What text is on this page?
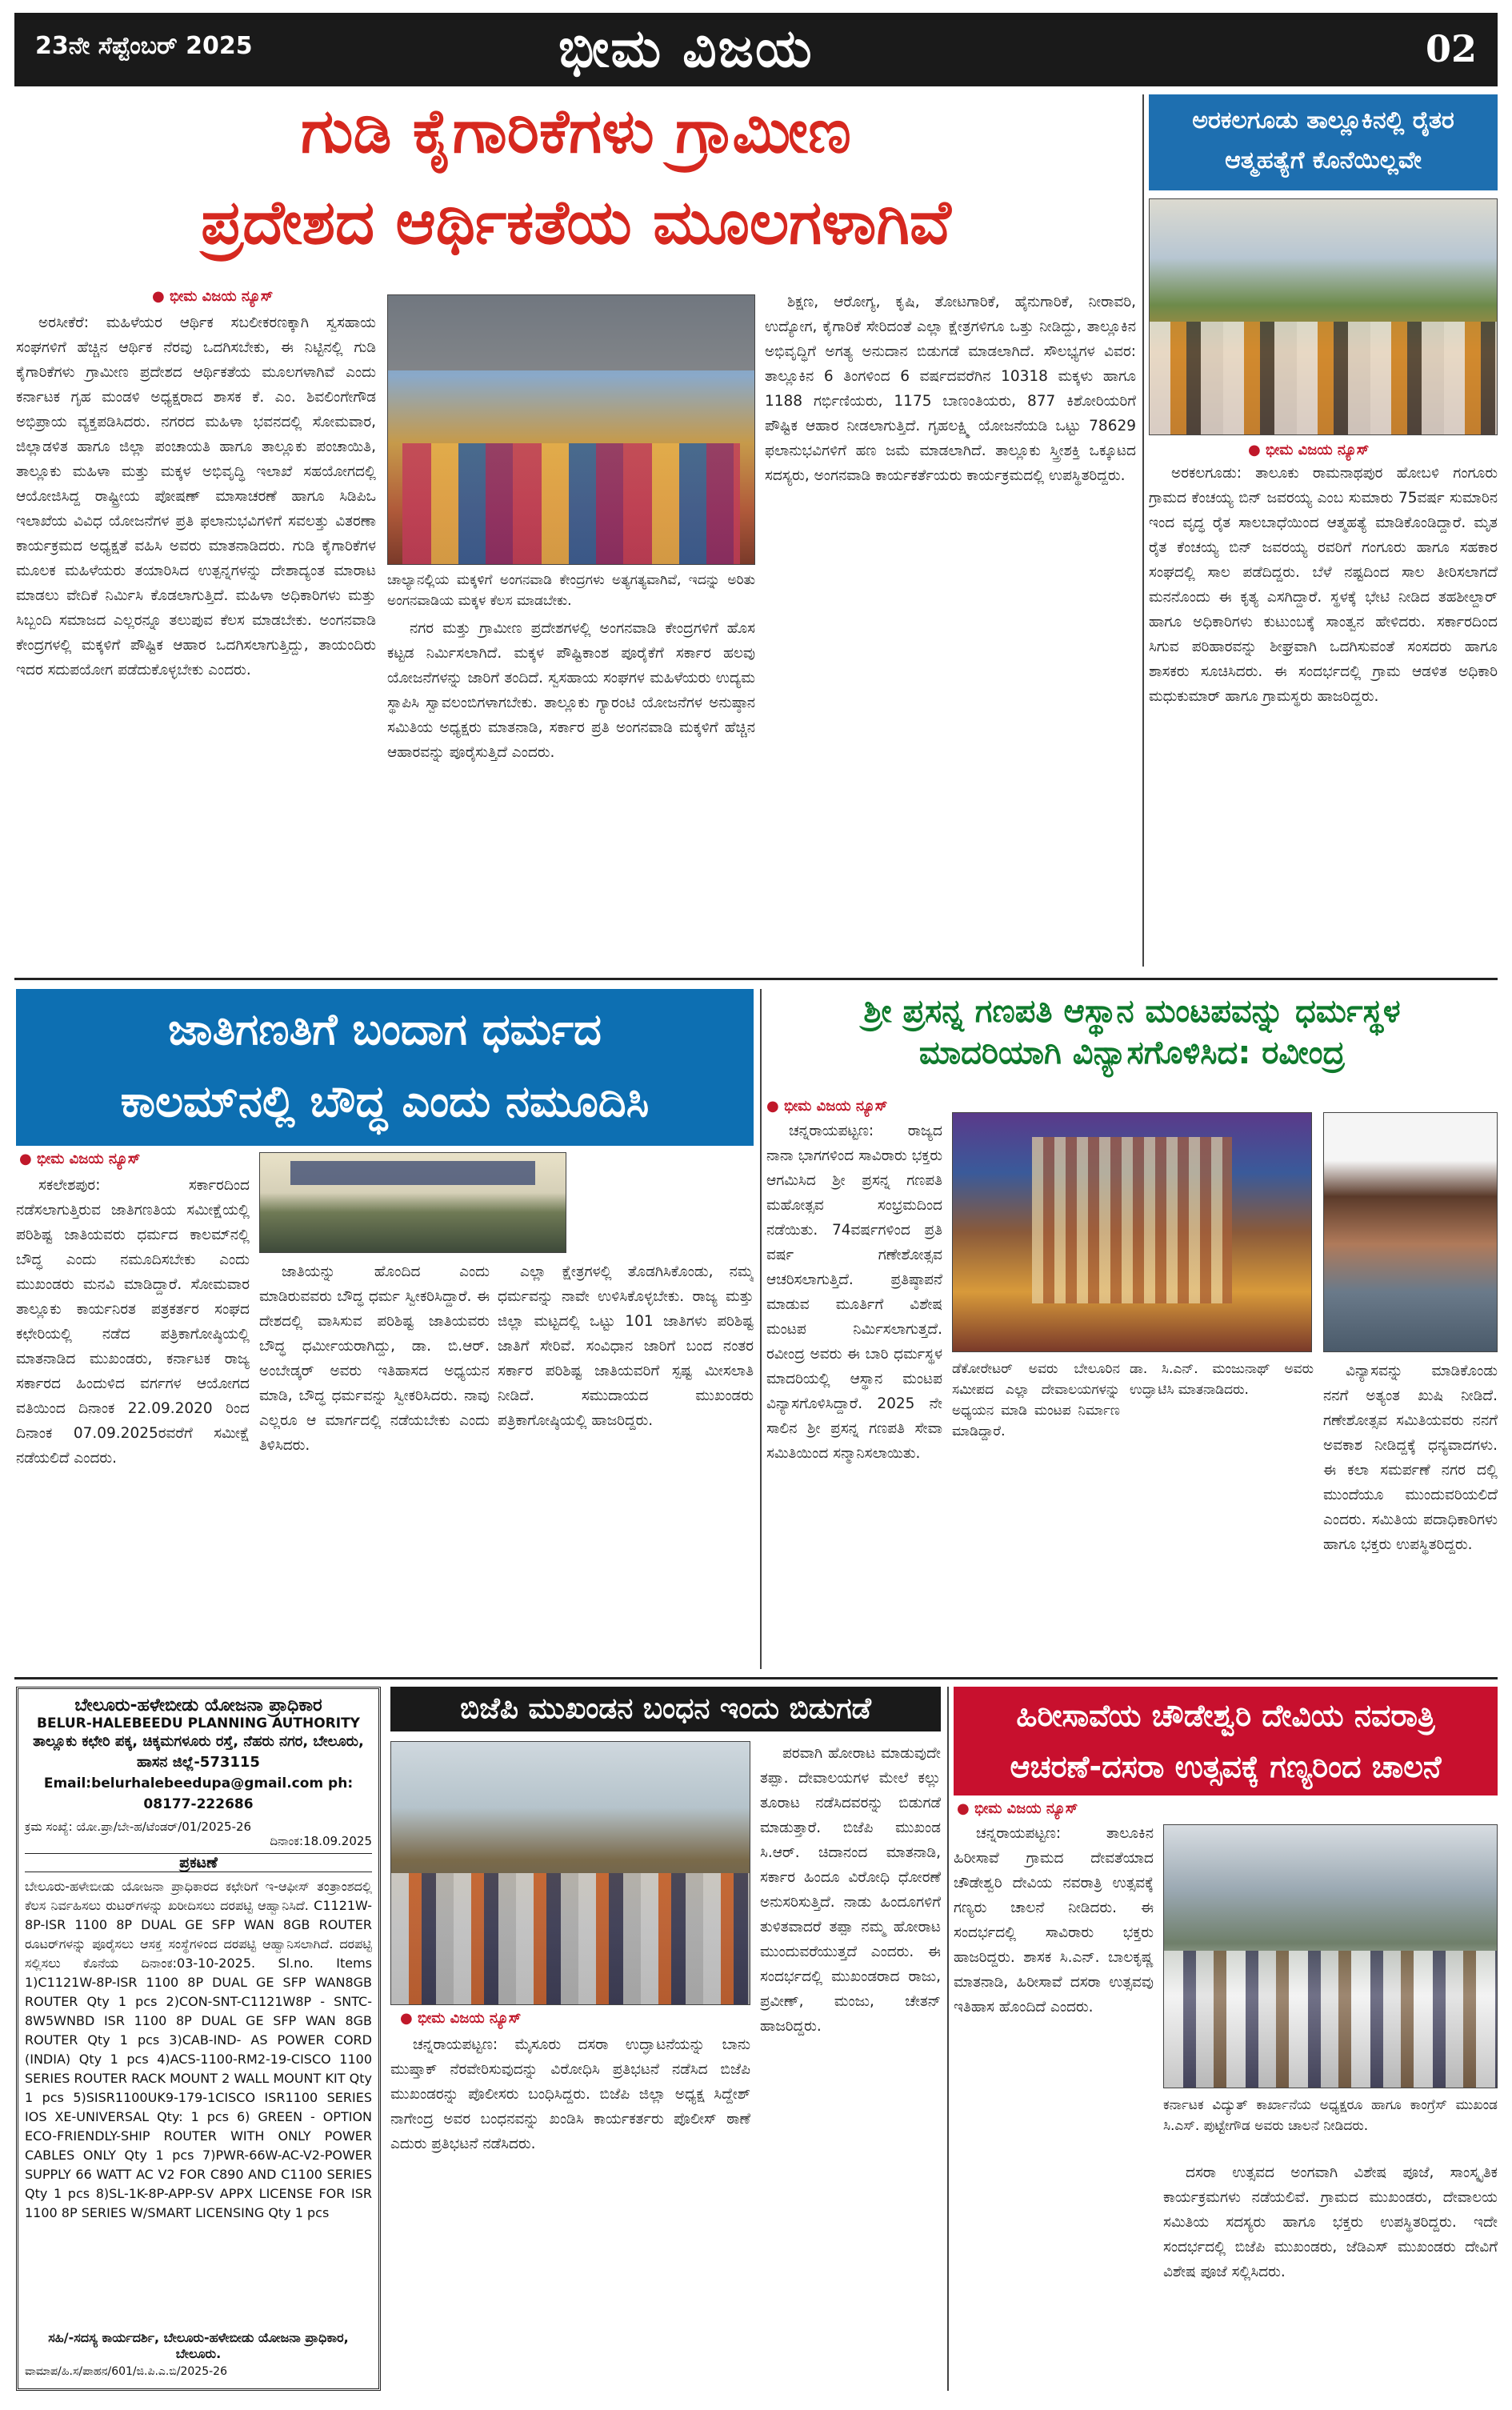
23ನೇ ಸೆಪ್ಟೆಂಬರ್ 2025	ಭೀಮ ವಿಜಯ	02
ಗುಡಿ ಕೈಗಾರಿಕೆಗಳು ಗ್ರಾಮೀಣ
ಪ್ರದೇಶದ ಆರ್ಥಿಕತೆಯ ಮೂಲಗಳಾಗಿವೆ
● ಭೀಮ ವಿಜಯ ನ್ಯೂಸ್

ಅರಸೀಕೆರೆ: ಮಹಿಳೆಯರ ಆರ್ಥಿಕ ಸಬಲೀಕರಣಕ್ಕಾಗಿ ಸ್ವಸಹಾಯ ಸಂಘಗಳಿಗೆ ಹೆಚ್ಚಿನ ಆರ್ಥಿಕ ನೆರವು ಒದಗಿಸಬೇಕು, ಈ ನಿಟ್ಟಿನಲ್ಲಿ ಗುಡಿ ಕೈಗಾರಿಕೆಗಳು ಗ್ರಾಮೀಣ ಪ್ರದೇಶದ ಆರ್ಥಿಕತೆಯ ಮೂಲಗಳಾಗಿವೆ ಎಂದು ಕರ್ನಾಟಕ ಗೃಹ ಮಂಡಳಿ ಅಧ್ಯಕ್ಷರಾದ ಶಾಸಕ ಕೆ. ಎಂ. ಶಿವಲಿಂಗೇಗೌಡ ಅಭಿಪ್ರಾಯ ವ್ಯಕ್ತಪಡಿಸಿದರು. ನಗರದ ಮಹಿಳಾ ಭವನದಲ್ಲಿ ಸೋಮವಾರ, ಜಿಲ್ಲಾಡಳಿತ ಹಾಗೂ ಜಿಲ್ಲಾ ಪಂಚಾಯತಿ ಹಾಗೂ ತಾಲ್ಲೂಕು ಪಂಚಾಯಿತಿ, ತಾಲ್ಲೂಕು ಮಹಿಳಾ ಮತ್ತು ಮಕ್ಕಳ ಅಭಿವೃದ್ಧಿ ಇಲಾಖೆ ಸಹಯೋಗದಲ್ಲಿ ಆಯೋಜಿಸಿದ್ದ ರಾಷ್ಟ್ರೀಯ ಪೋಷಣ್ ಮಾಸಾಚರಣೆ ಹಾಗೂ ಸಿಡಿಪಿಒ ಇಲಾಖೆಯ ವಿವಿಧ ಯೋಜನೆಗಳ ಪ್ರತಿ ಫಲಾನುಭವಿಗಳಿಗೆ ಸವಲತ್ತು ವಿತರಣಾ ಕಾರ್ಯಕ್ರಮದ ಅಧ್ಯಕ್ಷತೆ ವಹಿಸಿ ಅವರು ಮಾತನಾಡಿದರು. ಗುಡಿ ಕೈಗಾರಿಕೆಗಳ ಮೂಲಕ ಮಹಿಳೆಯರು ತಯಾರಿಸಿದ ಉತ್ಪನ್ನಗಳನ್ನು ದೇಶಾದ್ಯಂತ ಮಾರಾಟ ಮಾಡಲು ವೇದಿಕೆ ನಿರ್ಮಿಸಿ ಕೊಡಲಾಗುತ್ತಿದೆ. ಮಹಿಳಾ ಅಧಿಕಾರಿಗಳು ಮತ್ತು ಸಿಬ್ಬಂದಿ ಸಮಾಜದ ಎಲ್ಲರನ್ನೂ ತಲುಪುವ ಕೆಲಸ ಮಾಡಬೇಕು. ಅಂಗನವಾಡಿ ಕೇಂದ್ರಗಳಲ್ಲಿ ಮಕ್ಕಳಿಗೆ ಪೌಷ್ಟಿಕ ಆಹಾರ ಒದಗಿಸಲಾಗುತ್ತಿದ್ದು, ತಾಯಂದಿರು ಇದರ ಸದುಪಯೋಗ ಪಡೆದುಕೊಳ್ಳಬೇಕು ಎಂದರು.

ಚಾಲ್ಯಾನಲ್ಲಿಯ ಮಕ್ಕಳಿಗೆ ಅಂಗನವಾಡಿ ಕೇಂದ್ರಗಳು ಅತ್ಯಗತ್ಯವಾಗಿವೆ, ಇದನ್ನು ಅರಿತು ಅಂಗನವಾಡಿಯ ಮಕ್ಕಳ ಕೆಲಸ ಮಾಡಬೇಕು.

ನಗರ ಮತ್ತು ಗ್ರಾಮೀಣ ಪ್ರದೇಶಗಳಲ್ಲಿ ಅಂಗನವಾಡಿ ಕೇಂದ್ರಗಳಿಗೆ ಹೊಸ ಕಟ್ಟಡ ನಿರ್ಮಿಸಲಾಗಿದೆ. ಮಕ್ಕಳ ಪೌಷ್ಟಿಕಾಂಶ ಪೂರೈಕೆಗೆ ಸರ್ಕಾರ ಹಲವು ಯೋಜನೆಗಳನ್ನು ಜಾರಿಗೆ ತಂದಿದೆ. ಸ್ವಸಹಾಯ ಸಂಘಗಳ ಮಹಿಳೆಯರು ಉದ್ಯಮ ಸ್ಥಾಪಿಸಿ ಸ್ವಾವಲಂಬಿಗಳಾಗಬೇಕು. ತಾಲ್ಲೂಕು ಗ್ಯಾರಂಟಿ ಯೋಜನೆಗಳ ಅನುಷ್ಠಾನ ಸಮಿತಿಯ ಅಧ್ಯಕ್ಷರು ಮಾತನಾಡಿ, ಸರ್ಕಾರ ಪ್ರತಿ ಅಂಗನವಾಡಿ ಮಕ್ಕಳಿಗೆ ಹೆಚ್ಚಿನ ಆಹಾರವನ್ನು ಪೂರೈಸುತ್ತಿದೆ ಎಂದರು.

ಶಿಕ್ಷಣ, ಆರೋಗ್ಯ, ಕೃಷಿ, ತೋಟಗಾರಿಕೆ, ಹೈನುಗಾರಿಕೆ, ನೀರಾವರಿ, ಉದ್ಯೋಗ, ಕೈಗಾರಿಕೆ ಸೇರಿದಂತೆ ಎಲ್ಲಾ ಕ್ಷೇತ್ರಗಳಿಗೂ ಒತ್ತು ನೀಡಿದ್ದು, ತಾಲ್ಲೂಕಿನ ಅಭಿವೃದ್ಧಿಗೆ ಅಗತ್ಯ ಅನುದಾನ ಬಿಡುಗಡೆ ಮಾಡಲಾಗಿದೆ. ಸೌಲಭ್ಯಗಳ ವಿವರ: ತಾಲ್ಲೂಕಿನ 6 ತಿಂಗಳಿಂದ 6 ವರ್ಷದವರೆಗಿನ 10318 ಮಕ್ಕಳು ಹಾಗೂ 1188 ಗರ್ಭಿಣಿಯರು, 1175 ಬಾಣಂತಿಯರು, 877 ಕಿಶೋರಿಯರಿಗೆ ಪೌಷ್ಟಿಕ ಆಹಾರ ನೀಡಲಾಗುತ್ತಿದೆ. ಗೃಹಲಕ್ಷ್ಮಿ ಯೋಜನೆಯಡಿ ಒಟ್ಟು 78629 ಫಲಾನುಭವಿಗಳಿಗೆ ಹಣ ಜಮೆ ಮಾಡಲಾಗಿದೆ. ತಾಲ್ಲೂಕು ಸ್ತ್ರೀಶಕ್ತಿ ಒಕ್ಕೂಟದ ಸದಸ್ಯರು, ಅಂಗನವಾಡಿ ಕಾರ್ಯಕರ್ತೆಯರು ಕಾರ್ಯಕ್ರಮದಲ್ಲಿ ಉಪಸ್ಥಿತರಿದ್ದರು.

ಅರಕಲಗೂಡು ತಾಲ್ಲೂಕಿನಲ್ಲಿ ರೈತರ ಆತ್ಮಹತ್ಯೆಗೆ ಕೊನೆಯಿಲ್ಲವೇ
● ಭೀಮ ವಿಜಯ ನ್ಯೂಸ್

ಅರಕಲಗೂಡು: ತಾಲೂಕು ರಾಮನಾಥಪುರ ಹೋಬಳಿ ಗಂಗೂರು ಗ್ರಾಮದ ಕೆಂಚಯ್ಯ ಬಿನ್ ಜವರಯ್ಯ ಎಂಬ ಸುಮಾರು 75ವರ್ಷ ಸುಮಾರಿನ ಇಂದ ವೃದ್ಧ ರೈತ ಸಾಲಬಾಧೆಯಿಂದ ಆತ್ಮಹತ್ಯೆ ಮಾಡಿಕೊಂಡಿದ್ದಾರೆ. ಮೃತ ರೈತ ಕೆಂಚಯ್ಯ ಬಿನ್ ಜವರಯ್ಯ ರವರಿಗೆ ಗಂಗೂರು ಹಾಗೂ ಸಹಕಾರ ಸಂಘದಲ್ಲಿ ಸಾಲ ಪಡೆದಿದ್ದರು. ಬೆಳೆ ನಷ್ಟದಿಂದ ಸಾಲ ತೀರಿಸಲಾಗದೆ ಮನನೊಂದು ಈ ಕೃತ್ಯ ಎಸಗಿದ್ದಾರೆ. ಸ್ಥಳಕ್ಕೆ ಭೇಟಿ ನೀಡಿದ ತಹಶೀಲ್ದಾರ್ ಹಾಗೂ ಅಧಿಕಾರಿಗಳು ಕುಟುಂಬಕ್ಕೆ ಸಾಂತ್ವನ ಹೇಳಿದರು. ಸರ್ಕಾರದಿಂದ ಸಿಗುವ ಪರಿಹಾರವನ್ನು ಶೀಘ್ರವಾಗಿ ಒದಗಿಸುವಂತೆ ಸಂಸದರು ಹಾಗೂ ಶಾಸಕರು ಸೂಚಿಸಿದರು. ಈ ಸಂದರ್ಭದಲ್ಲಿ ಗ್ರಾಮ ಆಡಳಿತ ಅಧಿಕಾರಿ ಮಧುಕುಮಾರ್ ಹಾಗೂ ಗ್ರಾಮಸ್ಥರು ಹಾಜರಿದ್ದರು.

ಜಾತಿಗಣತಿಗೆ ಬಂದಾಗ ಧರ್ಮದ
ಕಾಲಮ್‌ನಲ್ಲಿ ಬೌದ್ಧ ಎಂದು ನಮೂದಿಸಿ
● ಭೀಮ ವಿಜಯ ನ್ಯೂಸ್

ಸಕಲೇಶಪುರ: ಸರ್ಕಾರದಿಂದ ನಡೆಸಲಾಗುತ್ತಿರುವ ಜಾತಿಗಣತಿಯ ಸಮೀಕ್ಷೆಯಲ್ಲಿ ಪರಿಶಿಷ್ಟ ಜಾತಿಯವರು ಧರ್ಮದ ಕಾಲಮ್‌ನಲ್ಲಿ ಬೌದ್ಧ ಎಂದು ನಮೂದಿಸಬೇಕು ಎಂದು ಮುಖಂಡರು ಮನವಿ ಮಾಡಿದ್ದಾರೆ. ಸೋಮವಾರ ತಾಲ್ಲೂಕು ಕಾರ್ಯನಿರತ ಪತ್ರಕರ್ತರ ಸಂಘದ ಕಛೇರಿಯಲ್ಲಿ ನಡೆದ ಪತ್ರಿಕಾಗೋಷ್ಠಿಯಲ್ಲಿ ಮಾತನಾಡಿದ ಮುಖಂಡರು, ಕರ್ನಾಟಕ ರಾಜ್ಯ ಸರ್ಕಾರದ ಹಿಂದುಳಿದ ವರ್ಗಗಳ ಆಯೋಗದ ವತಿಯಿಂದ ದಿನಾಂಕ 22.09.2020 ರಿಂದ ದಿನಾಂಕ 07.09.2025ರವರೆಗೆ ಸಮೀಕ್ಷೆ ನಡೆಯಲಿದೆ ಎಂದರು.

ಜಾತಿಯನ್ನು ಹೊಂದಿದ ಎಂದು ಮಾಡಿರುವವರು ಬೌದ್ಧ ಧರ್ಮ ಸ್ವೀಕರಿಸಿದ್ದಾರೆ. ಈ ದೇಶದಲ್ಲಿ ವಾಸಿಸುವ ಪರಿಶಿಷ್ಟ ಜಾತಿಯವರು ಬೌದ್ಧ ಧರ್ಮೀಯರಾಗಿದ್ದು, ಡಾ. ಬಿ.ಆರ್. ಅಂಬೇಡ್ಕರ್ ಅವರು ಇತಿಹಾಸದ ಅಧ್ಯಯನ ಮಾಡಿ, ಬೌದ್ಧ ಧರ್ಮವನ್ನು ಸ್ವೀಕರಿಸಿದರು. ನಾವು ಎಲ್ಲರೂ ಆ ಮಾರ್ಗದಲ್ಲಿ ನಡೆಯಬೇಕು ಎಂದು ತಿಳಿಸಿದರು.

ಎಲ್ಲಾ ಕ್ಷೇತ್ರಗಳಲ್ಲಿ ತೊಡಗಿಸಿಕೊಂಡು, ನಮ್ಮ ಧರ್ಮವನ್ನು ನಾವೇ ಉಳಿಸಿಕೊಳ್ಳಬೇಕು. ರಾಜ್ಯ ಮತ್ತು ಜಿಲ್ಲಾ ಮಟ್ಟದಲ್ಲಿ ಒಟ್ಟು 101 ಜಾತಿಗಳು ಪರಿಶಿಷ್ಟ ಜಾತಿಗೆ ಸೇರಿವೆ. ಸಂವಿಧಾನ ಜಾರಿಗೆ ಬಂದ ನಂತರ ಸರ್ಕಾರ ಪರಿಶಿಷ್ಟ ಜಾತಿಯವರಿಗೆ ಸ್ಪಷ್ಟ ಮೀಸಲಾತಿ ನೀಡಿದೆ. ಸಮುದಾಯದ ಮುಖಂಡರು ಪತ್ರಿಕಾಗೋಷ್ಠಿಯಲ್ಲಿ ಹಾಜರಿದ್ದರು.

ಶ್ರೀ ಪ್ರಸನ್ನ ಗಣಪತಿ ಆಸ್ಥಾನ ಮಂಟಪವನ್ನು ಧರ್ಮಸ್ಥಳ
ಮಾದರಿಯಾಗಿ ವಿನ್ಯಾಸಗೊಳಿಸಿದ: ರವೀಂದ್ರ
● ಭೀಮ ವಿಜಯ ನ್ಯೂಸ್

ಚನ್ನರಾಯಪಟ್ಟಣ: ರಾಜ್ಯದ ನಾನಾ ಭಾಗಗಳಿಂದ ಸಾವಿರಾರು ಭಕ್ತರು ಆಗಮಿಸಿದ ಶ್ರೀ ಪ್ರಸನ್ನ ಗಣಪತಿ ಮಹೋತ್ಸವ ಸಂಭ್ರಮದಿಂದ ನಡೆಯಿತು. 74ವರ್ಷಗಳಿಂದ ಪ್ರತಿ ವರ್ಷ ಗಣೇಶೋತ್ಸವ ಆಚರಿಸಲಾಗುತ್ತಿದೆ. ಪ್ರತಿಷ್ಠಾಪನೆ ಮಾಡುವ ಮೂರ್ತಿಗೆ ವಿಶೇಷ ಮಂಟಪ ನಿರ್ಮಿಸಲಾಗುತ್ತದೆ. ರವೀಂದ್ರ ಅವರು ಈ ಬಾರಿ ಧರ್ಮಸ್ಥಳ ಮಾದರಿಯಲ್ಲಿ ಆಸ್ಥಾನ ಮಂಟಪ ವಿನ್ಯಾಸಗೊಳಿಸಿದ್ದಾರೆ. 2025 ನೇ ಸಾಲಿನ ಶ್ರೀ ಪ್ರಸನ್ನ ಗಣಪತಿ ಸೇವಾ ಸಮಿತಿಯಿಂದ ಸನ್ಮಾನಿಸಲಾಯಿತು.

ಡೆಕೋರೇಟರ್ ಅವರು ಬೇಲೂರಿನ ಸಮೀಪದ ಎಲ್ಲಾ ದೇವಾಲಯಗಳನ್ನು ಅಧ್ಯಯನ ಮಾಡಿ ಮಂಟಪ ನಿರ್ಮಾಣ ಮಾಡಿದ್ದಾರೆ.
ಡಾ. ಸಿ.ಎನ್. ಮಂಜುನಾಥ್ ಅವರು ಉದ್ಘಾಟಿಸಿ ಮಾತನಾಡಿದರು.

ವಿನ್ಯಾಸವನ್ನು ಮಾಡಿಕೊಂಡು ನನಗೆ ಅತ್ಯಂತ ಖುಷಿ ನೀಡಿದೆ. ಗಣೇಶೋತ್ಸವ ಸಮಿತಿಯವರು ನನಗೆ ಅವಕಾಶ ನೀಡಿದ್ದಕ್ಕೆ ಧನ್ಯವಾದಗಳು. ಈ ಕಲಾ ಸಮರ್ಪಣೆ ನಗರ ದಲ್ಲಿ ಮುಂದೆಯೂ ಮುಂದುವರಿಯಲಿದೆ ಎಂದರು. ಸಮಿತಿಯ ಪದಾಧಿಕಾರಿಗಳು ಹಾಗೂ ಭಕ್ತರು ಉಪಸ್ಥಿತರಿದ್ದರು.

ಬೇಲೂರು-ಹಳೇಬೀಡು ಯೋಜನಾ ಪ್ರಾಧಿಕಾರ
BELUR-HALEBEEDU PLANNING AUTHORITY
ತಾಲ್ಲೂಕು ಕಛೇರಿ ಪಕ್ಕ, ಚಿಕ್ಕಮಗಳೂರು ರಸ್ತೆ, ನೆಹರು ನಗರ, ಬೇಲೂರು, ಹಾಸನ ಜಿಲ್ಲೆ-573115
Email:belurhalebeedupa@gmail.com ph: 08177-222686
ಕ್ರಮ ಸಂಖ್ಯೆ: ಯೋ.ಪ್ರಾ/ಬೇ-ಹ/ಟೆಂಡರ್/01/2025-26
ದಿನಾಂಕ:18.09.2025
ಪ್ರಕಟಣೆ
ಬೇಲೂರು-ಹಳೇಬೀಡು ಯೋಜನಾ ಪ್ರಾಧಿಕಾರದ ಕಛೇರಿಗೆ ಇ-ಆಫೀಸ್ ತಂತ್ರಾಂಶದಲ್ಲಿ ಕೆಲಸ ನಿರ್ವಹಿಸಲು ರುಟರ್‌ಗಳನ್ನು ಖರೀದಿಸಲು ದರಪಟ್ಟಿ ಆಹ್ವಾನಿಸಿದೆ. C1121W-8P-ISR 1100 8P DUAL GE SFP WAN 8GB ROUTER ರೂಟರ್‌ಗಳನ್ನು ಪೂರೈಸಲು ಆಸಕ್ತ ಸಂಸ್ಥೆಗಳಿಂದ ದರಪಟ್ಟಿ ಆಹ್ವಾನಿಸಲಾಗಿದೆ. ದರಪಟ್ಟಿ ಸಲ್ಲಿಸಲು ಕೊನೆಯ ದಿನಾಂಕ:03-10-2025. Sl.no. Items 1)C1121W-8P-ISR 1100 8P DUAL GE SFP WAN8GB ROUTER Qty 1 pcs 2)CON-SNT-C1121W8P - SNTC-8W5WNBD ISR 1100 8P DUAL GE SFP WAN 8GB ROUTER Qty 1 pcs 3)CAB-IND- AS POWER CORD (INDIA) Qty 1 pcs 4)ACS-1100-RM2-19-CISCO 1100 SERIES ROUTER RACK MOUNT 2 WALL MOUNT KIT Qty 1 pcs 5)SISR1100UK9-179-1CISCO ISR1100 SERIES IOS XE-UNIVERSAL Qty: 1 pcs 6) GREEN - OPTION ECO-FRIENDLY-SHIP ROUTER WITH ONLY POWER CABLES ONLY Qty 1 pcs 7)PWR-66W-AC-V2-POWER SUPPLY 66 WATT AC V2 FOR C890 AND C1100 SERIES Qty 1 pcs 8)SL-1K-8P-APP-SV APPX LICENSE FOR ISR 1100 8P SERIES W/SMART LICENSING Qty 1 pcs
ಸಹಿ/-ಸದಸ್ಯ ಕಾರ್ಯದರ್ಶಿ, ಬೇಲೂರು-ಹಳೇಬೀಡು ಯೋಜನಾ ಪ್ರಾಧಿಕಾರ, ಬೇಲೂರು.
ವಾಮಾಪ/ಹಿ.ಸ/ಪಾಹನ/601/ಜಿ.ಪಿ.ಎ.ಬಿ/2025-26
ಬಿಜೆಪಿ ಮುಖಂಡನ ಬಂಧನ ಇಂದು ಬಿಡುಗಡೆ
● ಭೀಮ ವಿಜಯ ನ್ಯೂಸ್

ಚನ್ನರಾಯಪಟ್ಟಣ: ಮೈಸೂರು ದಸರಾ ಉದ್ಘಾಟನೆಯನ್ನು ಬಾನು ಮುಷ್ತಾಕ್ ನೆರವೇರಿಸುವುದನ್ನು ವಿರೋಧಿಸಿ ಪ್ರತಿಭಟನೆ ನಡೆಸಿದ ಬಿಜೆಪಿ ಮುಖಂಡರನ್ನು ಪೊಲೀಸರು ಬಂಧಿಸಿದ್ದರು. ಬಿಜೆಪಿ ಜಿಲ್ಲಾ ಅಧ್ಯಕ್ಷ ಸಿದ್ದೇಶ್ ನಾಗೇಂದ್ರ ಅವರ ಬಂಧನವನ್ನು ಖಂಡಿಸಿ ಕಾರ್ಯಕರ್ತರು ಪೊಲೀಸ್ ಠಾಣೆ ಎದುರು ಪ್ರತಿಭಟನೆ ನಡೆಸಿದರು.

ಪರವಾಗಿ ಹೋರಾಟ ಮಾಡುವುದೇ ತಪ್ಪಾ. ದೇವಾಲಯಗಳ ಮೇಲೆ ಕಲ್ಲು ತೂರಾಟ ನಡೆಸಿದವರನ್ನು ಬಿಡುಗಡೆ ಮಾಡುತ್ತಾರೆ. ಬಿಜೆಪಿ ಮುಖಂಡ ಸಿ.ಆರ್. ಚಿದಾನಂದ ಮಾತನಾಡಿ, ಸರ್ಕಾರ ಹಿಂದೂ ವಿರೋಧಿ ಧೋರಣೆ ಅನುಸರಿಸುತ್ತಿದೆ. ನಾಡು ಹಿಂದೂಗಳಿಗೆ ತುಳಿತವಾದರೆ ತಪ್ಪಾ ನಮ್ಮ ಹೋರಾಟ ಮುಂದುವರೆಯುತ್ತದೆ ಎಂದರು. ಈ ಸಂದರ್ಭದಲ್ಲಿ ಮುಖಂಡರಾದ ರಾಜು, ಪ್ರವೀಣ್, ಮಂಜು, ಚೇತನ್ ಹಾಜರಿದ್ದರು.

ಹಿರೀಸಾವೆಯ ಚೌಡೇಶ್ವರಿ ದೇವಿಯ ನವರಾತ್ರಿ
ಆಚರಣೆ-ದಸರಾ ಉತ್ಸವಕ್ಕೆ ಗಣ್ಯರಿಂದ ಚಾಲನೆ
● ಭೀಮ ವಿಜಯ ನ್ಯೂಸ್

ಚನ್ನರಾಯಪಟ್ಟಣ: ತಾಲೂಕಿನ ಹಿರೀಸಾವೆ ಗ್ರಾಮದ ದೇವತೆಯಾದ ಚೌಡೇಶ್ವರಿ ದೇವಿಯ ನವರಾತ್ರಿ ಉತ್ಸವಕ್ಕೆ ಗಣ್ಯರು ಚಾಲನೆ ನೀಡಿದರು. ಈ ಸಂದರ್ಭದಲ್ಲಿ ಸಾವಿರಾರು ಭಕ್ತರು ಹಾಜರಿದ್ದರು. ಶಾಸಕ ಸಿ.ಎನ್. ಬಾಲಕೃಷ್ಣ ಮಾತನಾಡಿ, ಹಿರೀಸಾವೆ ದಸರಾ ಉತ್ಸವವು ಇತಿಹಾಸ ಹೊಂದಿದೆ ಎಂದರು.

ಕರ್ನಾಟಕ ವಿದ್ಯುತ್ ಕಾರ್ಖಾನೆಯ ಅಧ್ಯಕ್ಷರೂ ಹಾಗೂ ಕಾಂಗ್ರೆಸ್ ಮುಖಂಡ ಸಿ.ಎಸ್. ಪುಟ್ಟೇಗೌಡ ಅವರು ಚಾಲನೆ ನೀಡಿದರು.

ದಸರಾ ಉತ್ಸವದ ಅಂಗವಾಗಿ ವಿಶೇಷ ಪೂಜೆ, ಸಾಂಸ್ಕೃತಿಕ ಕಾರ್ಯಕ್ರಮಗಳು ನಡೆಯಲಿವೆ. ಗ್ರಾಮದ ಮುಖಂಡರು, ದೇವಾಲಯ ಸಮಿತಿಯ ಸದಸ್ಯರು ಹಾಗೂ ಭಕ್ತರು ಉಪಸ್ಥಿತರಿದ್ದರು. ಇದೇ ಸಂದರ್ಭದಲ್ಲಿ ಬಿಜೆಪಿ ಮುಖಂಡರು, ಜೆಡಿಎಸ್ ಮುಖಂಡರು ದೇವಿಗೆ ವಿಶೇಷ ಪೂಜೆ ಸಲ್ಲಿಸಿದರು.
